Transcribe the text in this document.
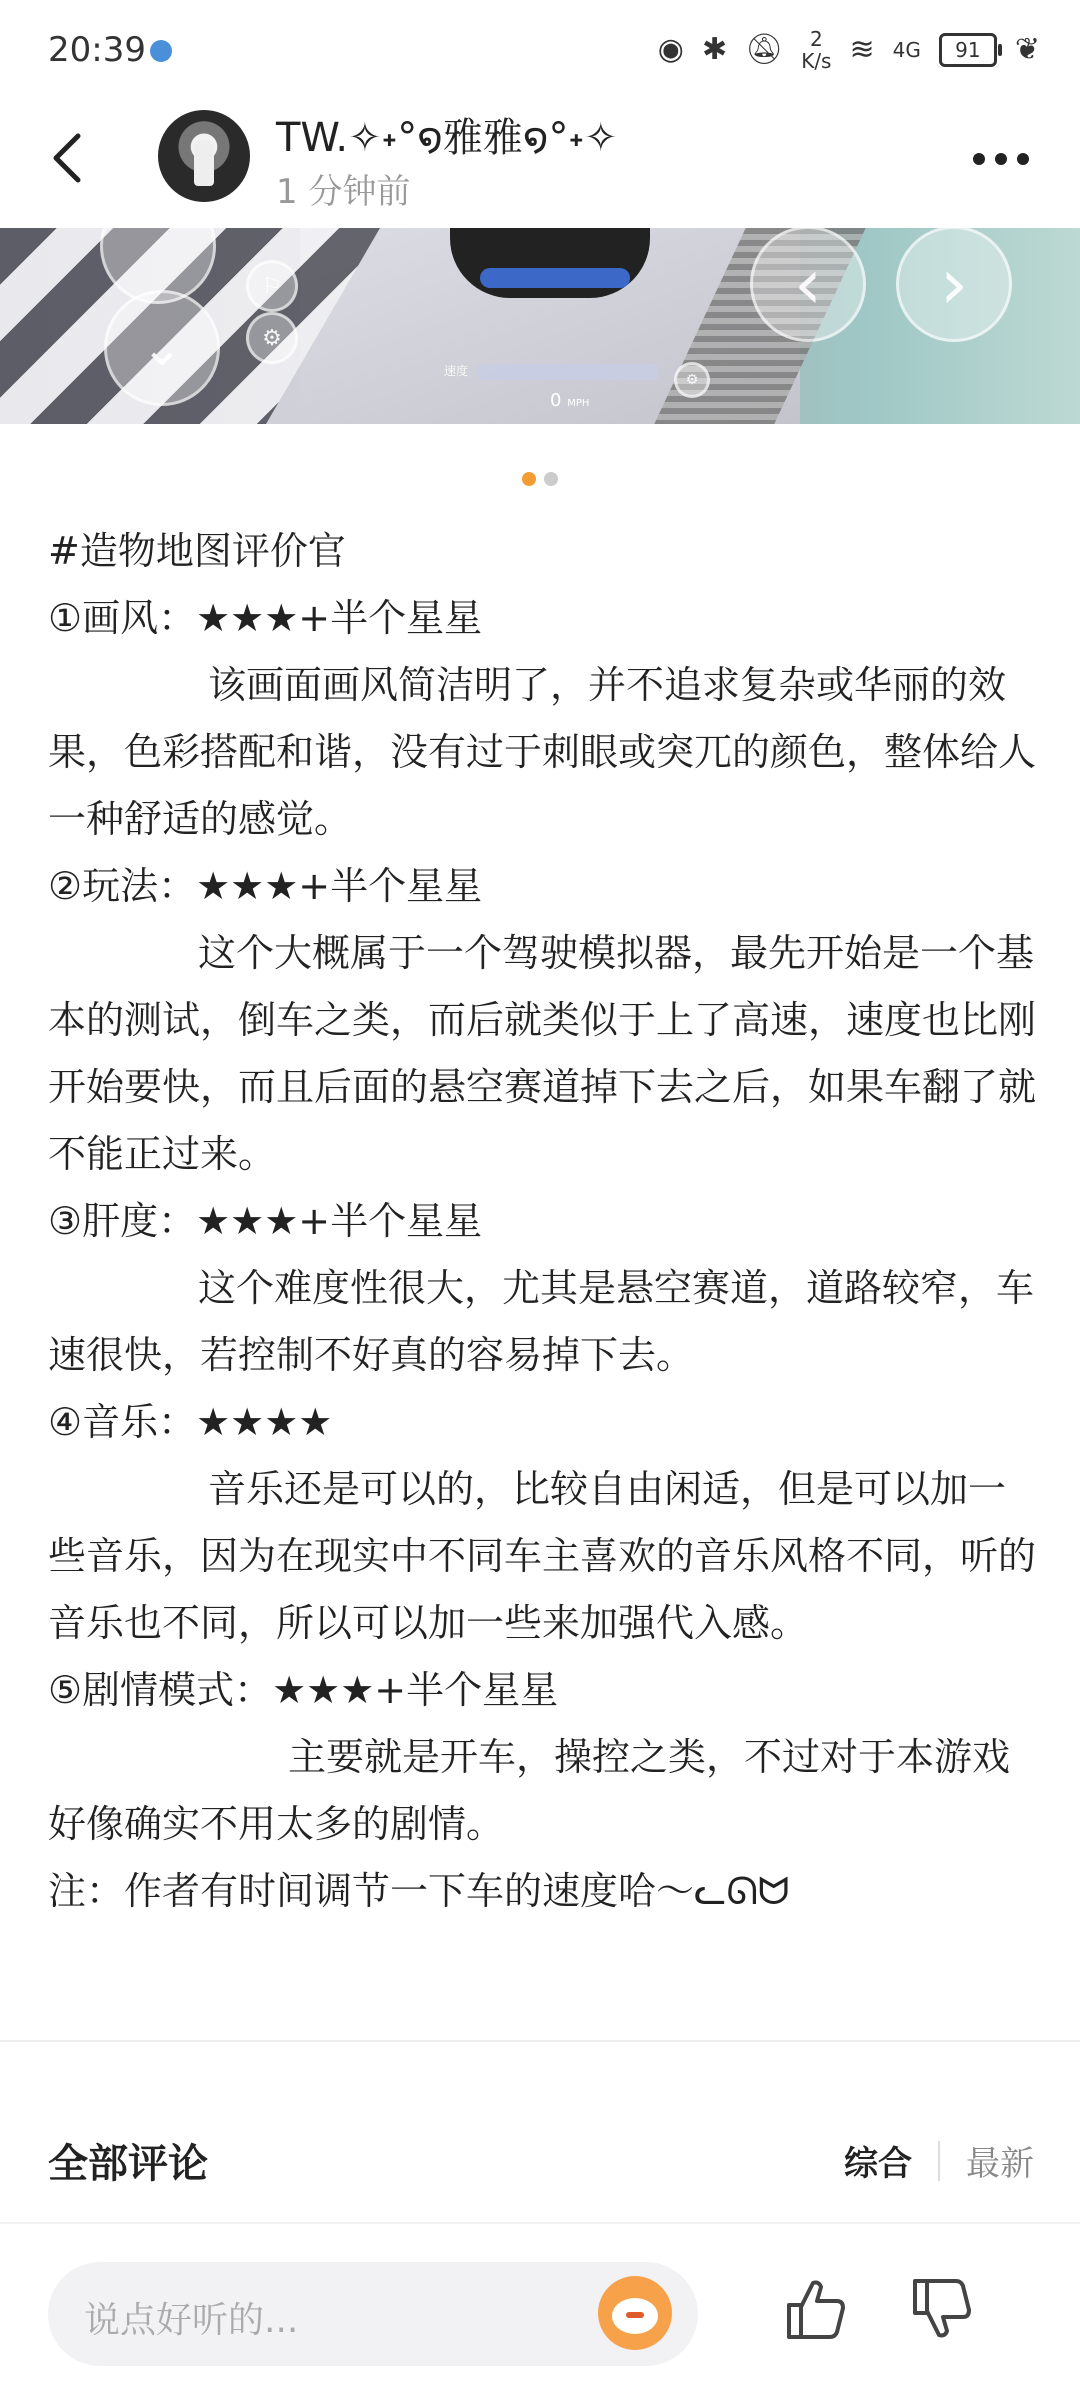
20:39	◉ ✱ 🔕︎	2
K/s ≋ 4G	91	❦
TW.✧˖°໑雅雅໑°˖✧
1 分钟前
⌄
⚐
⚙
⚙
速度
0 MPH
‹	›

#造物地图评价官

①画风：★★★+半个星星

该画面画风简洁明了，并不追求复杂或华丽的效果，色彩搭配和谐，没有过于刺眼或突兀的颜色，整体给人一种舒适的感觉。

②玩法：★★★+半个星星

这个大概属于一个驾驶模拟器，最先开始是一个基本的测试，倒车之类，而后就类似于上了高速，速度也比刚开始要快，而且后面的悬空赛道掉下去之后，如果车翻了就不能正过来。

③肝度：★★★+半个星星

这个难度性很大，尤其是悬空赛道，道路较窄，车速很快，若控制不好真的容易掉下去。

④音乐：★★★★

音乐还是可以的，比较自由闲适，但是可以加一些音乐，因为在现实中不同车主喜欢的音乐风格不同，听的音乐也不同，所以可以加一些来加强代入感。

⑤剧情模式：★★★+半个星星

主要就是开车，操控之类，不过对于本游戏好像确实不用太多的剧情。

注：作者有时间调节一下车的速度哈～ᓚᘏᗢ

全部评论	综合 最新
说点好听的...
